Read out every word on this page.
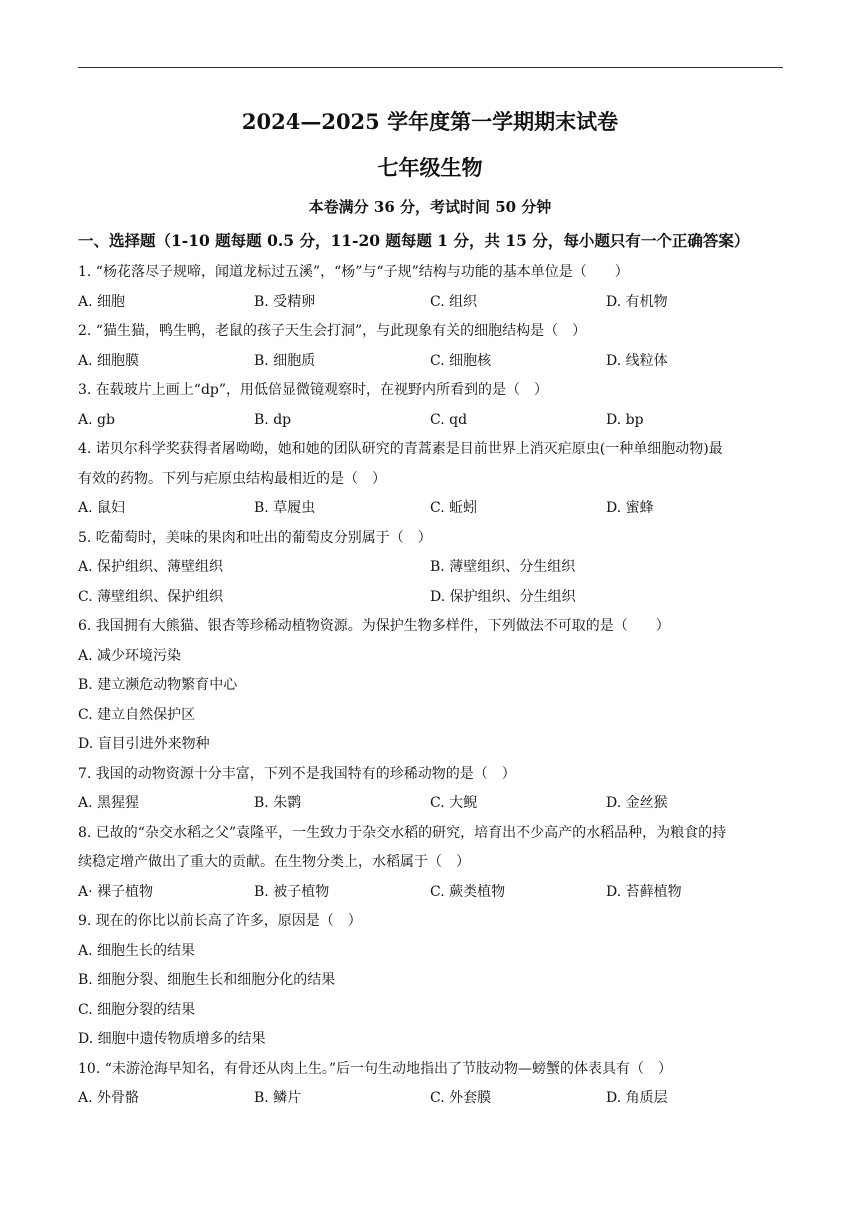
2024—2025 学年度第一学期期末试卷
七年级生物
本卷满分 36 分，考试时间 50 分钟
一、选择题（1-10 题每题 0.5 分，11-20 题每题 1 分，共 15 分，每小题只有一个正确答案）
1. “杨花落尽子规啼，闻道龙标过五溪”，“杨”与“子规”结构与功能的基本单位是（　　）
A. 细胞	B. 受精卵	C. 组织	D. 有机物
2. “猫生猫，鸭生鸭，老鼠的孩子天生会打洞”，与此现象有关的细胞结构是（　）
A. 细胞膜	B. 细胞质	C. 细胞核	D. 线粒体
3. 在载玻片上画上“dp”，用低倍显微镜观察时，在视野内所看到的是（　）
A. gb	B. dp	C. qd	D. bp
4. 诺贝尔科学奖获得者屠呦呦，她和她的团队研究的青蒿素是目前世界上消灭疟原虫(一种单细胞动物)最
有效的药物。下列与疟原虫结构最相近的是（　）
A. 鼠妇	B. 草履虫	C. 蚯蚓	D. 蜜蜂
5. 吃葡萄时，美味的果肉和吐出的葡萄皮分别属于（　）
A. 保护组织、薄壁组织	B. 薄壁组织、分生组织
C. 薄壁组织、保护组织	D. 保护组织、分生组织
6. 我国拥有大熊猫、银杏等珍稀动植物资源。为保护生物多样件，下列做法不可取的是（　　）
A. 减少环境污染
B. 建立濒危动物繁育中心
C. 建立自然保护区
D. 盲目引进外来物种
7. 我国的动物资源十分丰富，下列不是我国特有的珍稀动物的是（　）
A. 黑猩猩	B. 朱鹮	C. 大鲵	D. 金丝猴
8. 已故的“杂交水稻之父”袁隆平，一生致力于杂交水稻的研究，培育出不少高产的水稻品种，为粮食的持
续稳定增产做出了重大的贡献。在生物分类上，水稻属于（　）
A· 裸子植物	B. 被子植物	C. 蕨类植物	D. 苔藓植物
9. 现在的你比以前长高了许多，原因是（　）
A. 细胞生长的结果
B. 细胞分裂、细胞生长和细胞分化的结果
C. 细胞分裂的结果
D. 细胞中遗传物质增多的结果
10. “未游沧海早知名，有骨还从肉上生。”后一句生动地指出了节肢动物—螃蟹的体表具有（　）
A. 外骨骼	B. 鳞片	C. 外套膜	D. 角质层
